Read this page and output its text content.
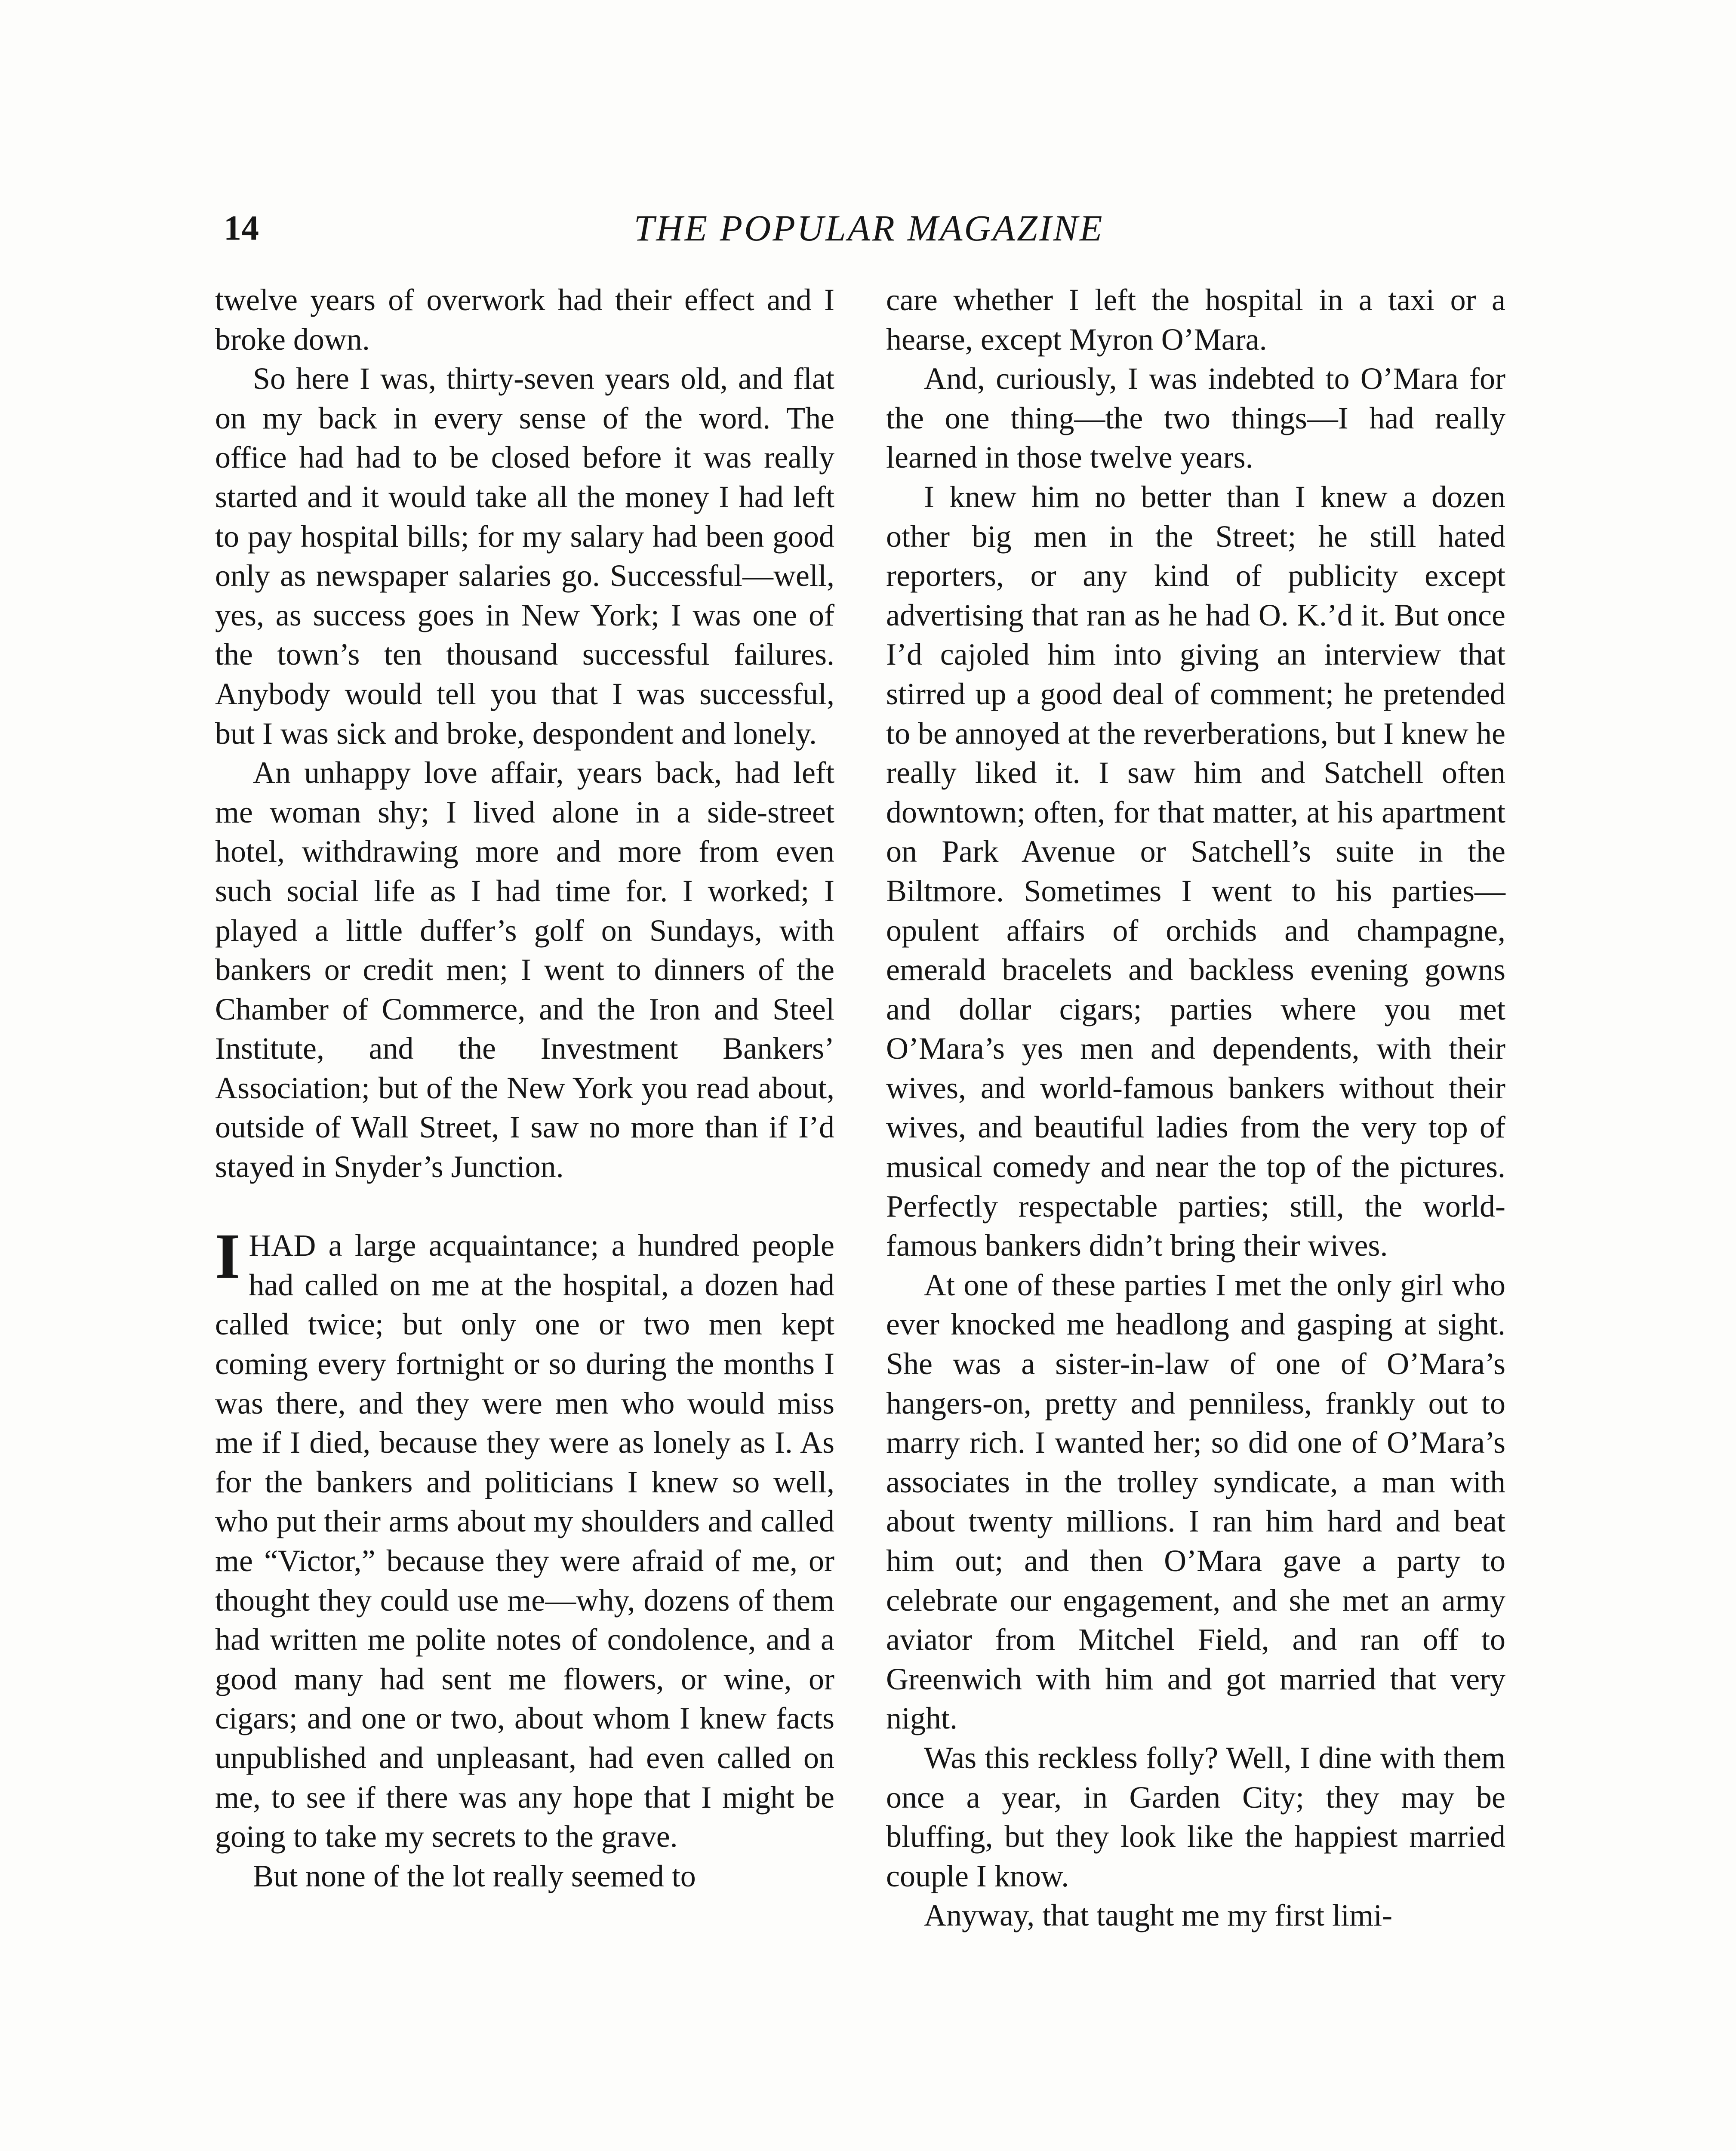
14	THE POPULAR MAGAZINE

twelve years of overwork had their effect and I broke down.

So here I was, thirty-seven years old, and flat on my back in every sense of the word. The office had had to be closed before it was really started and it would take all the money I had left to pay hospital bills; for my salary had been good only as newspaper salaries go. Successful—well, yes, as success goes in New York; I was one of the town’s ten thousand successful failures. Anybody would tell you that I was successful, but I was sick and broke, despondent and lonely.

An unhappy love affair, years back, had left me woman shy; I lived alone in a side-street hotel, withdrawing more and more from even such social life as I had time for. I worked; I played a little duffer’s golf on Sundays, with bankers or credit men; I went to dinners of the Chamber of Commerce, and the Iron and Steel Institute, and the Investment Bankers’ Association; but of the New York you read about, outside of Wall Street, I saw no more than if I’d stayed in Snyder’s Junction.

IHAD a large acquaintance; a hundred people had called on me at the hospital, a dozen had called twice; but only one or two men kept coming every fortnight or so during the months I was there, and they were men who would miss me if I died, because they were as lonely as I. As for the bankers and politicians I knew so well, who put their arms about my shoulders and called me “Victor,” because they were afraid of me, or thought they could use me—why, dozens of them had written me polite notes of condolence, and a good many had sent me flowers, or wine, or cigars; and one or two, about whom I knew facts unpublished and unpleasant, had even called on me, to see if there was any hope that I might be going to take my secrets to the grave.

But none of the lot really seemed to

care whether I left the hospital in a taxi or a hearse, except Myron O’Mara.

And, curiously, I was indebted to O’Mara for the one thing—the two things—I had really learned in those twelve years.

I knew him no better than I knew a dozen other big men in the Street; he still hated reporters, or any kind of publicity except advertising that ran as he had O. K.’d it. But once I’d cajoled him into giving an interview that stirred up a good deal of comment; he pretended to be annoyed at the reverberations, but I knew he really liked it. I saw him and Satchell often downtown; often, for that matter, at his apartment on Park Avenue or Satchell’s suite in the Biltmore. Sometimes I went to his parties—opulent affairs of orchids and champagne, emerald bracelets and backless evening gowns and dollar cigars; parties where you met O’Mara’s yes men and dependents, with their wives, and world-famous bankers without their wives, and beautiful ladies from the very top of musical comedy and near the top of the pictures. Perfectly respectable parties; still, the world-famous bankers didn’t bring their wives.

At one of these parties I met the only girl who ever knocked me headlong and gasping at sight. She was a sister-in-law of one of O’Mara’s hangers-on, pretty and penniless, frankly out to marry rich. I wanted her; so did one of O’Mara’s associates in the trolley syndicate, a man with about twenty millions. I ran him hard and beat him out; and then O’Mara gave a party to celebrate our engagement, and she met an army aviator from Mitchel Field, and ran off to Greenwich with him and got married that very night.

Was this reckless folly? Well, I dine with them once a year, in Garden City; they may be bluffing, but they look like the happiest married couple I know.

Anyway, that taught me my first limi-
